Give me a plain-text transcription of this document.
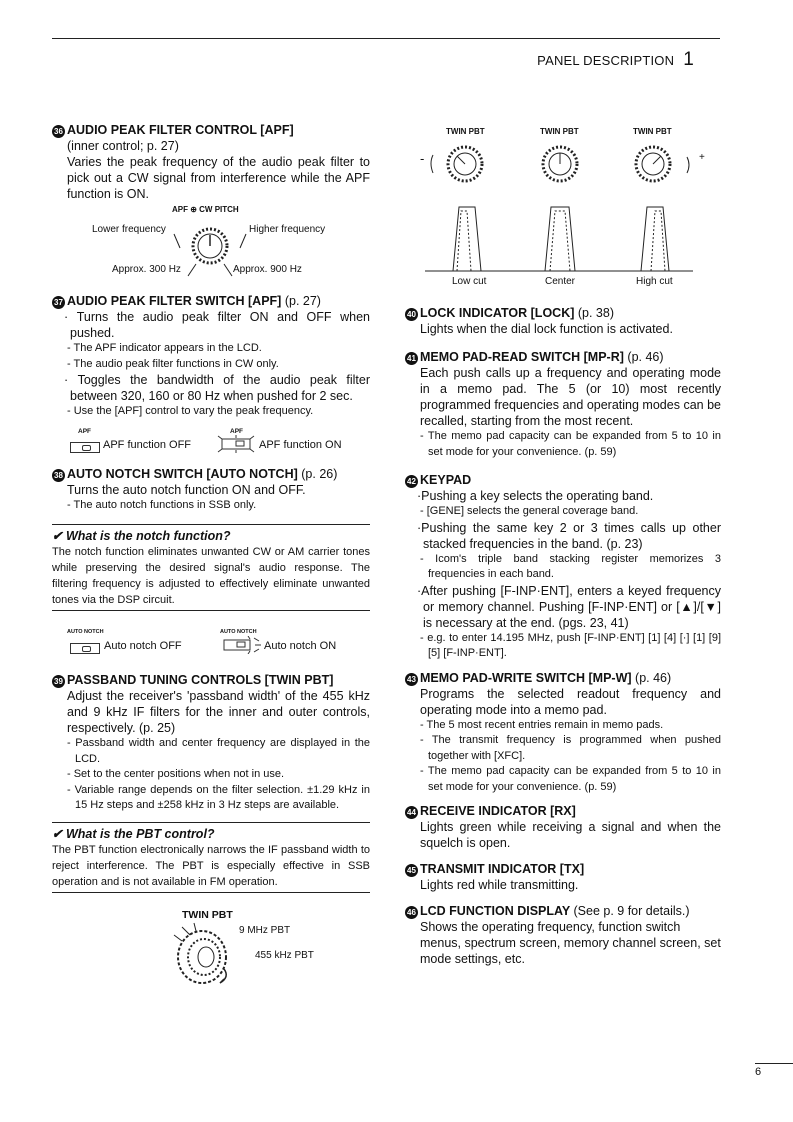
PANEL DESCRIPTION 1

36 AUDIO PEAK FILTER CONTROL [APF]

(inner control; p. 27)

Varies the peak frequency of the audio peak filter to pick out a CW signal from interference while the APF function is ON.

APF ⊕ CW PITCH
Lower frequency	Higher frequency
Approx. 300 Hz	Approx. 900 Hz

37 AUDIO PEAK FILTER SWITCH [APF] (p. 27)

· Turns the audio peak filter ON and OFF when pushed.

- The APF indicator appears in the LCD.

- The audio peak filter functions in CW only.

· Toggles the bandwidth of the audio peak filter between 320, 160 or 80 Hz when pushed for 2 sec.

- Use the [APF] control to vary the peak frequency.

APF
APF function OFF
APF
APF function ON

38 AUTO NOTCH SWITCH [AUTO NOTCH] (p. 26)

Turns the auto notch function ON and OFF.

- The auto notch functions in SSB only.

✔ What is the notch function?

The notch function eliminates unwanted CW or AM carrier tones while preserving the desired signal's audio response. The filtering frequency is adjusted to effectively eliminate unwanted tones via the DSP circuit.

AUTO NOTCH
Auto notch OFF
AUTO NOTCH
Auto notch ON

39 PASSBAND TUNING CONTROLS [TWIN PBT]

Adjust the receiver's 'passband width' of the 455 kHz and 9 kHz IF filters for the inner and outer controls, respectively. (p. 25)

- Passband width and center frequency are displayed in the LCD.

- Set to the center positions when not in use.

- Variable range depends on the filter selection. ±1.29 kHz in 15 Hz steps and ±258 kHz in 3 Hz steps are available.

✔ What is the PBT control?

The PBT function electronically narrows the IF passband width to reject interference. The PBT is especially effective in SSB operation and is not available in FM operation.

TWIN PBT
9 MHz PBT
455 kHz PBT
TWIN PBT	TWIN PBT	TWIN PBT
-	+
Low cut	Center	High cut

40 LOCK INDICATOR [LOCK] (p. 38)

Lights when the dial lock function is activated.

41 MEMO PAD-READ SWITCH [MP-R] (p. 46)

Each push calls up a frequency and operating mode in a memo pad. The 5 (or 10) most recently programmed frequencies and operating modes can be recalled, starting from the most recent.

- The memo pad capacity can be expanded from 5 to 10 in set mode for your convenience. (p. 59)

42 KEYPAD

·Pushing a key selects the operating band.

- [GENE] selects the general coverage band.

·Pushing the same key 2 or 3 times calls up other stacked frequencies in the band. (p. 23)

- Icom's triple band stacking register memorizes 3 frequencies in each band.

·After pushing [F-INP·ENT], enters a keyed frequency or memory channel. Pushing [F-INP·ENT] or [▲]/[▼] is necessary at the end. (pgs. 23, 41)

- e.g. to enter 14.195 MHz, push [F-INP·ENT] [1] [4] [·] [1] [9] [5] [F-INP·ENT].

43 MEMO PAD-WRITE SWITCH [MP-W] (p. 46)

Programs the selected readout frequency and operating mode into a memo pad.

- The 5 most recent entries remain in memo pads.

- The transmit frequency is programmed when pushed together with [XFC].

- The memo pad capacity can be expanded from 5 to 10 in set mode for your convenience. (p. 59)

44 RECEIVE INDICATOR [RX]

Lights green while receiving a signal and when the squelch is open.

45 TRANSMIT INDICATOR [TX]

Lights red while transmitting.

46 LCD FUNCTION DISPLAY (See p. 9 for details.)

Shows the operating frequency, function switch menus, spectrum screen, memory channel screen, set mode settings, etc.

6
